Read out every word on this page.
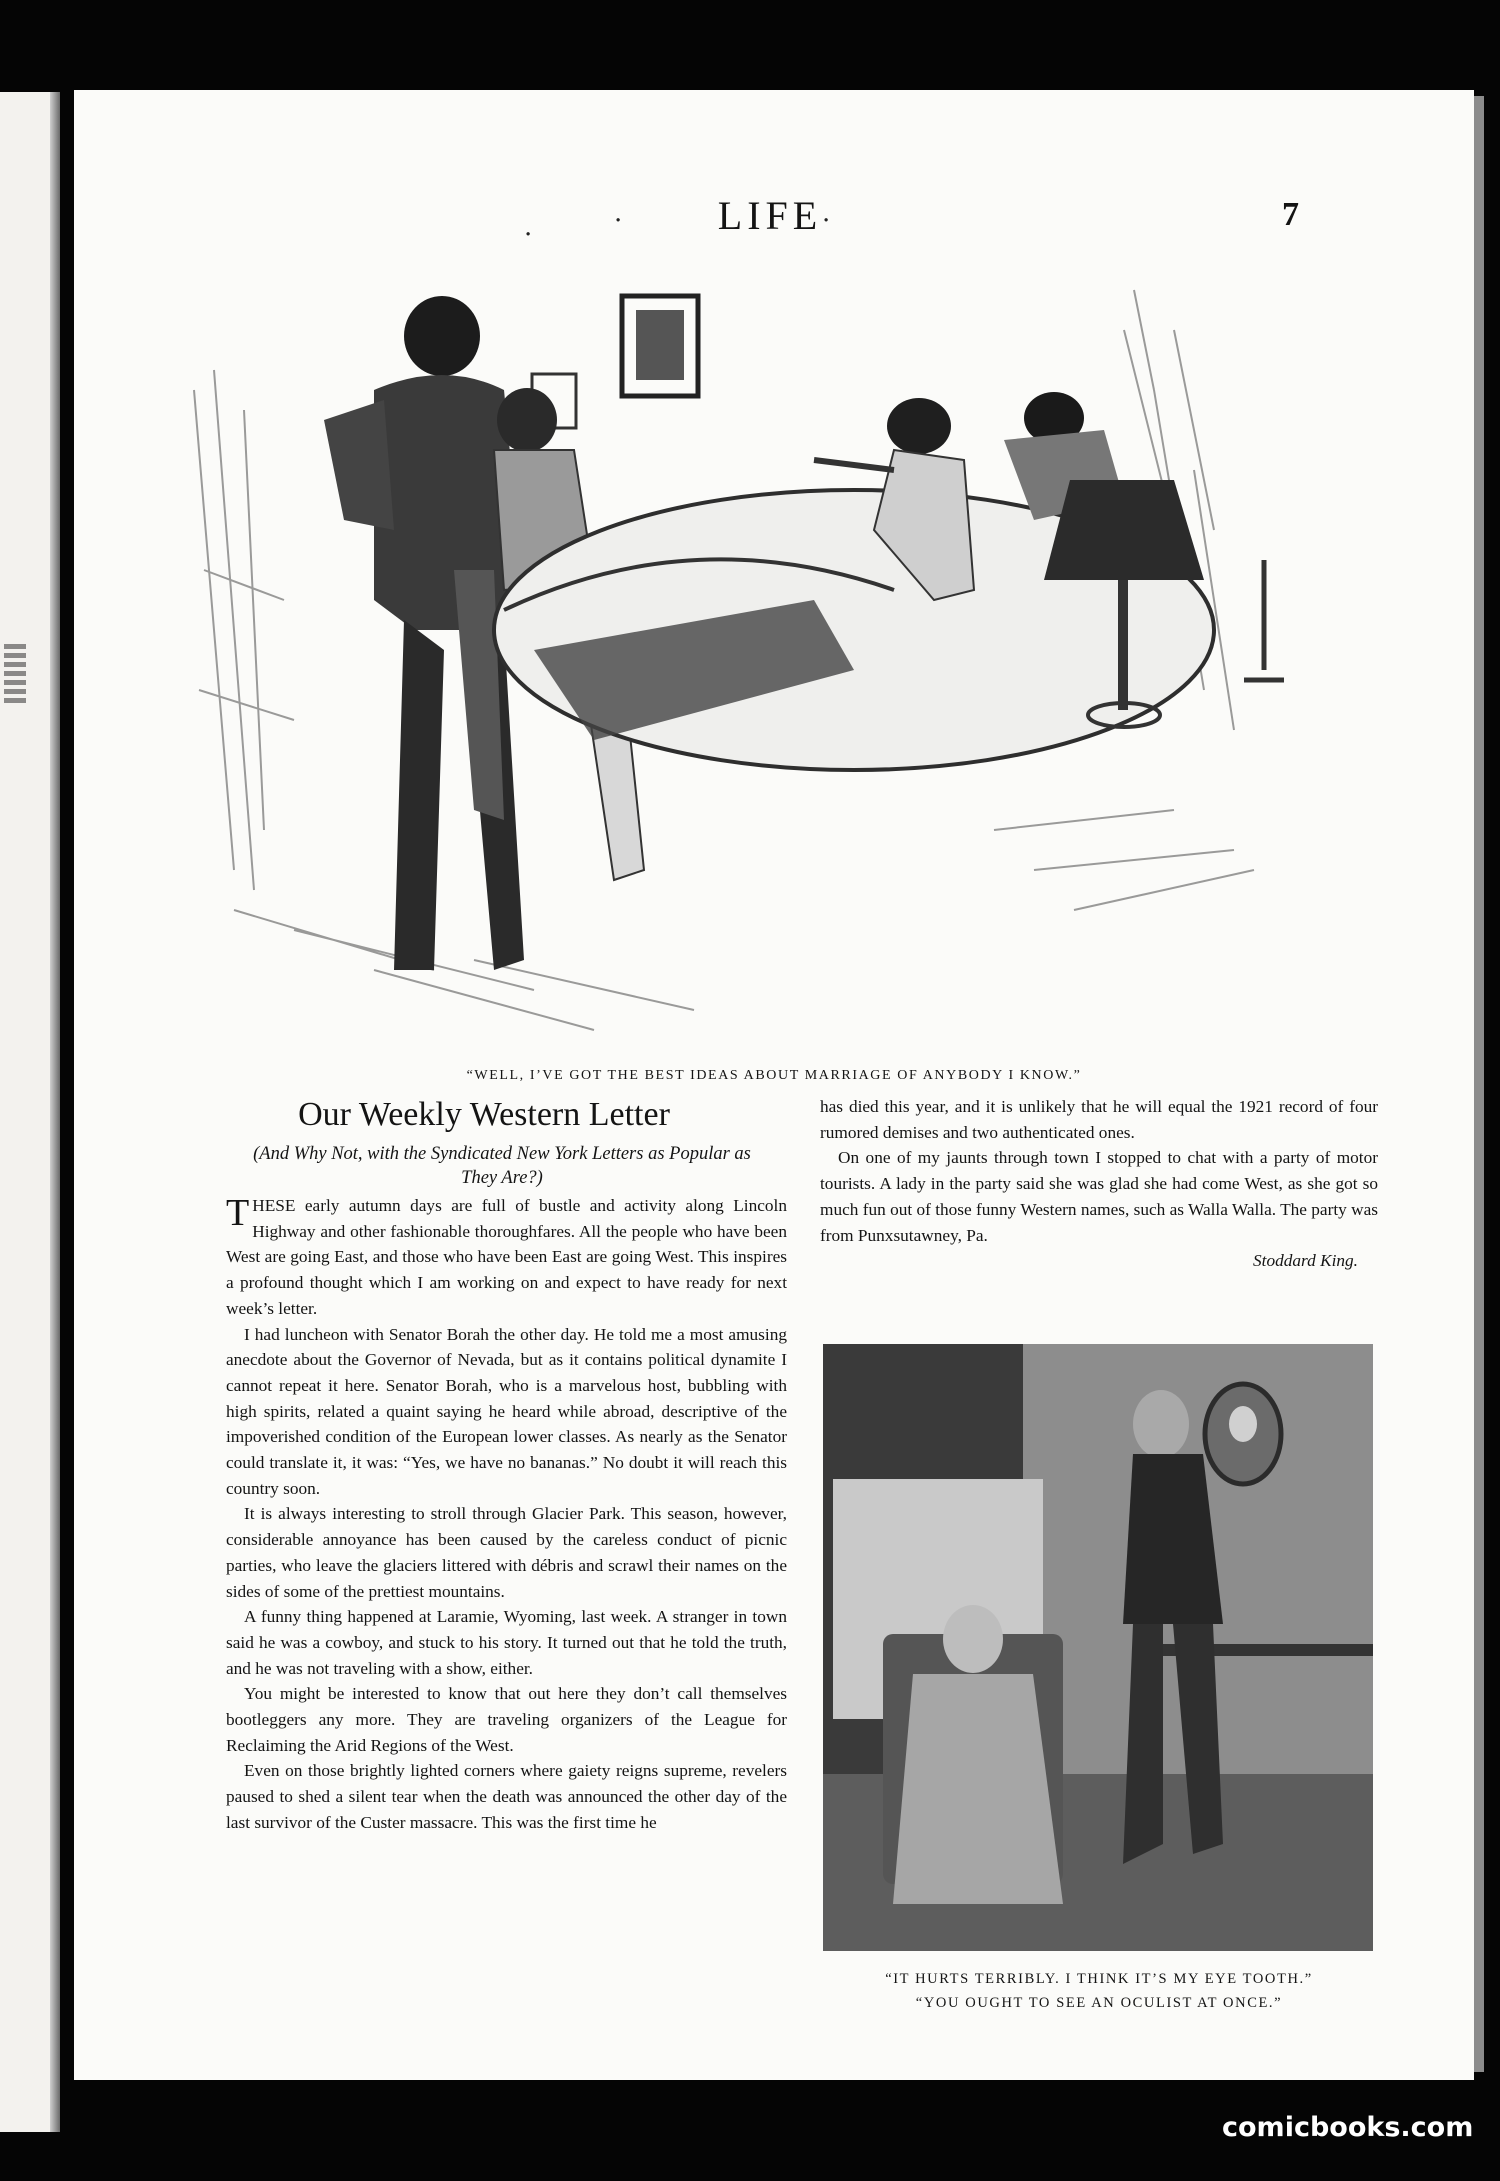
·	·	·
LIFE	7
“WELL, I’VE GOT THE BEST IDEAS ABOUT MARRIAGE OF ANYBODY I KNOW.”
Our Weekly Western Letter
(And Why Not, with the Syndicated New York Letters as Popular as They Are?)

THESE early autumn days are full of bustle and activity along Lincoln Highway and other fashionable thoroughfares. All the people who have been West are going East, and those who have been East are going West. This inspires a profound thought which I am working on and expect to have ready for next week’s letter.

I had luncheon with Senator Borah the other day. He told me a most amusing anecdote about the Governor of Nevada, but as it contains political dynamite I cannot repeat it here. Senator Borah, who is a marvelous host, bubbling with high spirits, related a quaint saying he heard while abroad, descriptive of the impoverished condition of the European lower classes. As nearly as the Senator could translate it, it was: “Yes, we have no bananas.” No doubt it will reach this country soon.

It is always interesting to stroll through Glacier Park. This season, however, considerable annoyance has been caused by the careless conduct of picnic parties, who leave the glaciers littered with débris and scrawl their names on the sides of some of the prettiest mountains.

A funny thing happened at Laramie, Wyoming, last week. A stranger in town said he was a cowboy, and stuck to his story. It turned out that he told the truth, and he was not traveling with a show, either.

You might be interested to know that out here they don’t call themselves bootleggers any more. They are traveling organizers of the League for Reclaiming the Arid Regions of the West.

Even on those brightly lighted corners where gaiety reigns supreme, revelers paused to shed a silent tear when the death was announced the other day of the last survivor of the Custer massacre. This was the first time he

has died this year, and it is unlikely that he will equal the 1921 record of four rumored demises and two authenticated ones.

On one of my jaunts through town I stopped to chat with a party of motor tourists. A lady in the party said she was glad she had come West, as she got so much fun out of those funny Western names, such as Walla Walla. The party was from Punxsutawney, Pa.

Stoddard King.

“IT HURTS TERRIBLY. I THINK IT’S MY EYE TOOTH.”
“YOU OUGHT TO SEE AN OCULIST AT ONCE.”
comicbooks.com
